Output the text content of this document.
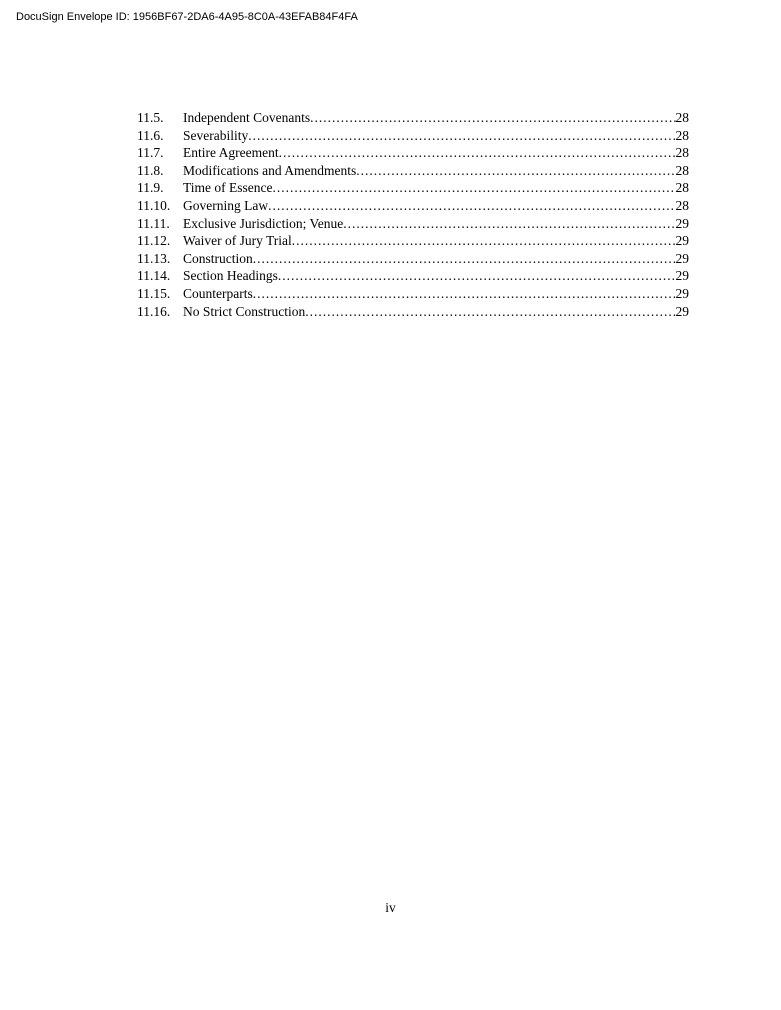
DocuSign Envelope ID: 1956BF67-2DA6-4A95-8C0A-43EFAB84F4FA
11.5.	Independent Covenants .....	28
11.6.	Severability .....	28
11.7.	Entire Agreement .....	28
11.8.	Modifications and Amendments .....	28
11.9.	Time of Essence .....	28
11.10. Governing Law .....	28
11.11. Exclusive Jurisdiction; Venue .....	29
11.12. Waiver of Jury Trial .....	29
11.13. Construction .....	29
11.14. Section Headings .....	29
11.15. Counterparts .....	29
11.16. No Strict Construction .....	29
iv
